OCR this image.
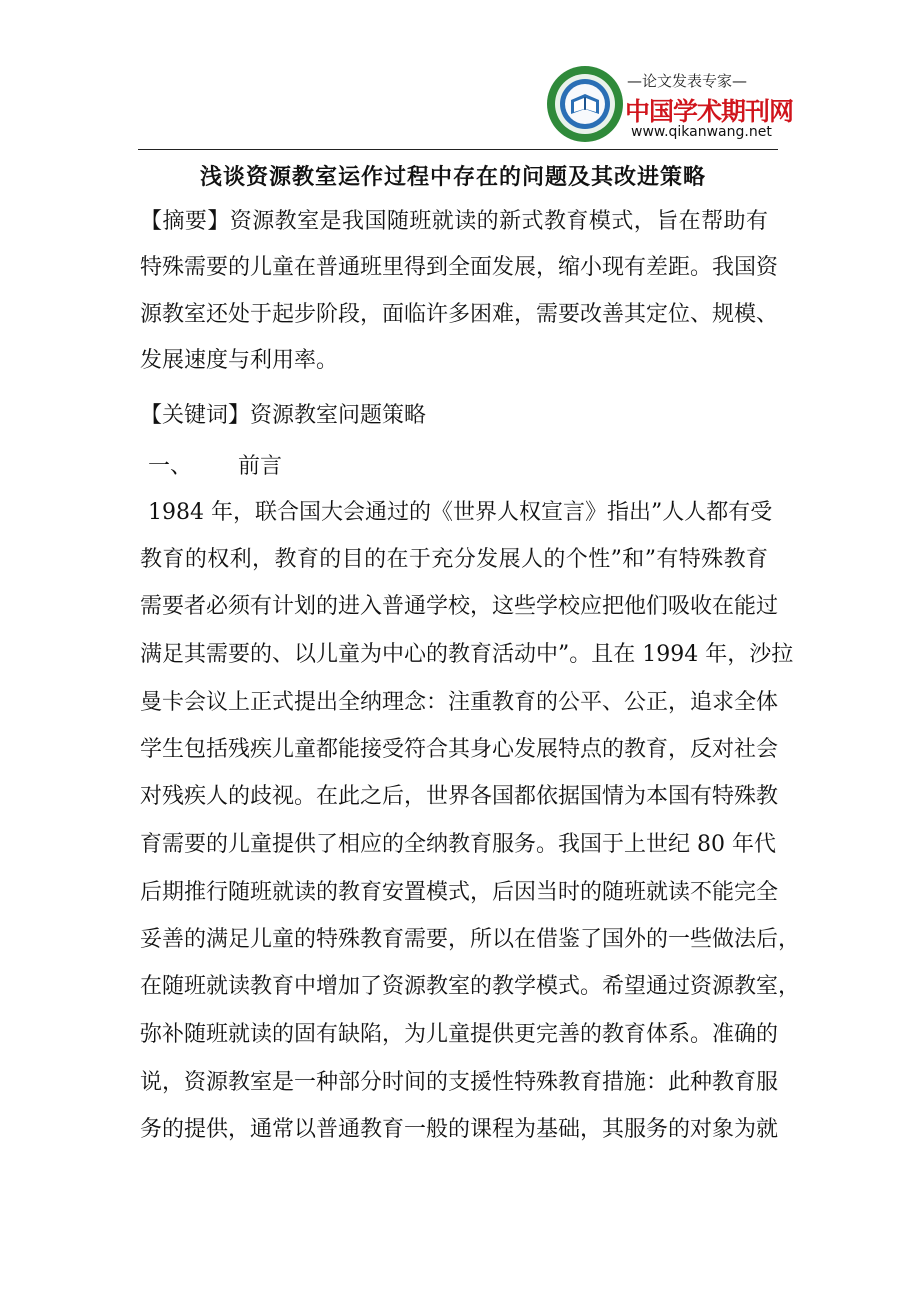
—论文发表专家—
中国学术期刊网
www.qikanwang.net
浅谈资源教室运作过程中存在的问题及其改进策略
【摘要】资源教室是我国随班就读的新式教育模式，旨在帮助有
特殊需要的儿童在普通班里得到全面发展，缩小现有差距。我国资
源教室还处于起步阶段，面临许多困难，需要改善其定位、规模、
发展速度与利用率。
【关键词】资源教室问题策略
一、 前言
1984 年，联合国大会通过的《世界人权宣言》指出”人人都有受
教育的权利，教育的目的在于充分发展人的个性”和”有特殊教育
需要者必须有计划的进入普通学校，这些学校应把他们吸收在能过
满足其需要的、以儿童为中心的教育活动中”。且在 1994 年，沙拉
曼卡会议上正式提出全纳理念：注重教育的公平、公正，追求全体
学生包括残疾儿童都能接受符合其身心发展特点的教育，反对社会
对残疾人的歧视。在此之后，世界各国都依据国情为本国有特殊教
育需要的儿童提供了相应的全纳教育服务。我国于上世纪 80 年代
后期推行随班就读的教育安置模式，后因当时的随班就读不能完全
妥善的满足儿童的特殊教育需要，所以在借鉴了国外的一些做法后，
在随班就读教育中增加了资源教室的教学模式。希望通过资源教室，
弥补随班就读的固有缺陷，为儿童提供更完善的教育体系。准确的
说，资源教室是一种部分时间的支援性特殊教育措施：此种教育服
务的提供，通常以普通教育一般的课程为基础，其服务的对象为就
